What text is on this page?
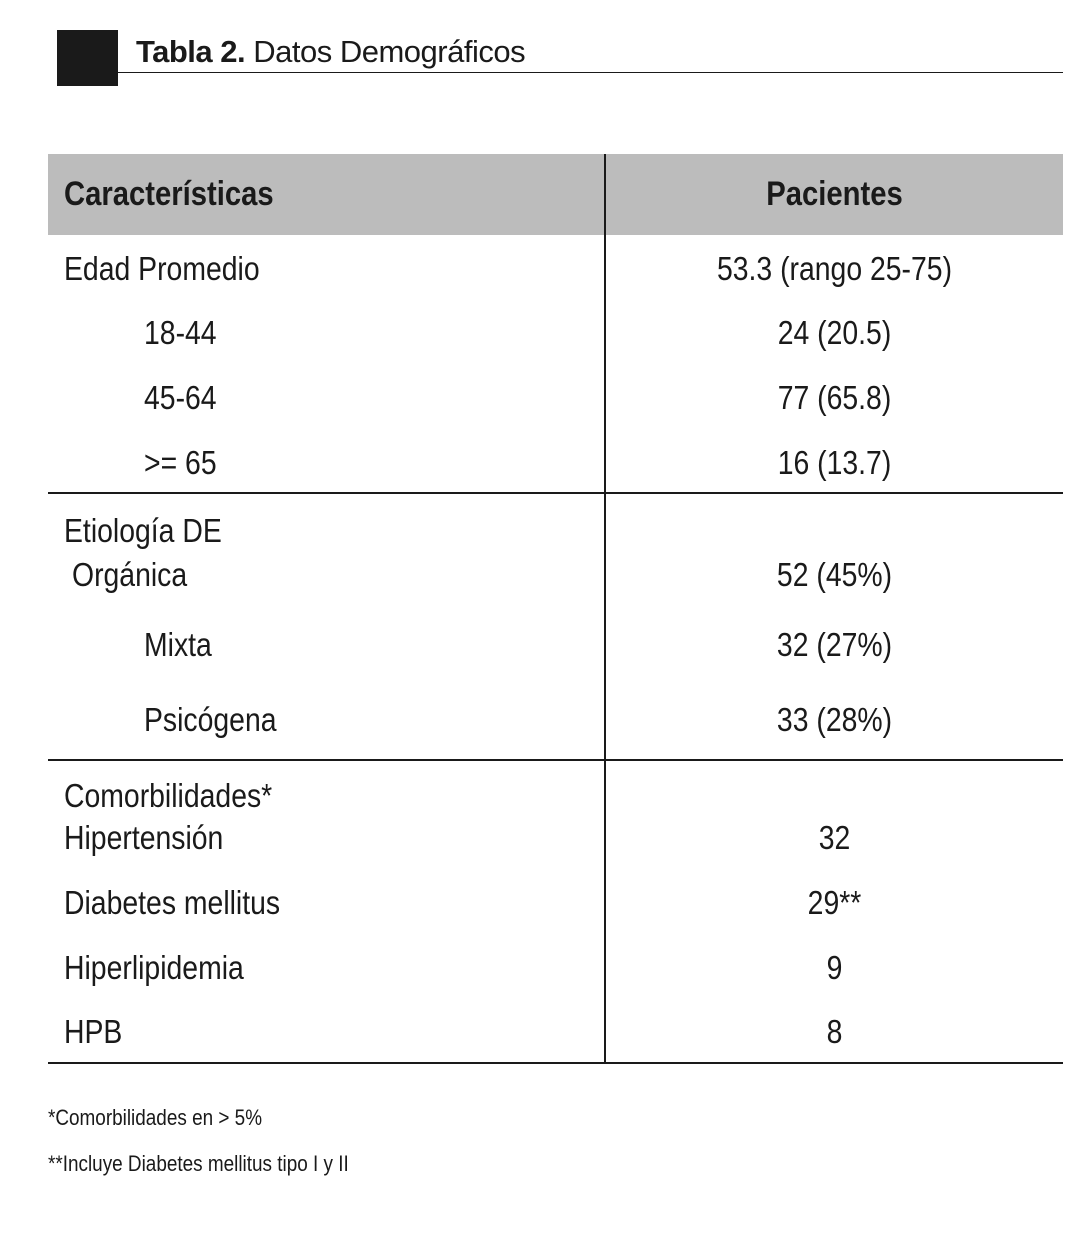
Tabla 2. Datos Demográficos
Características	Pacientes
Edad Promedio	53.3 (rango 25-75)
18-44	24 (20.5)
45-64	77 (65.8)
>= 65	16 (13.7)
Etiología DE
Orgánica	52 (45%)
Mixta	32 (27%)
Psicógena	33 (28%)
Comorbilidades*
Hipertensión	32
Diabetes mellitus	29**
Hiperlipidemia	9
HPB	8
*Comorbilidades en > 5%
**Incluye Diabetes mellitus tipo I y II
